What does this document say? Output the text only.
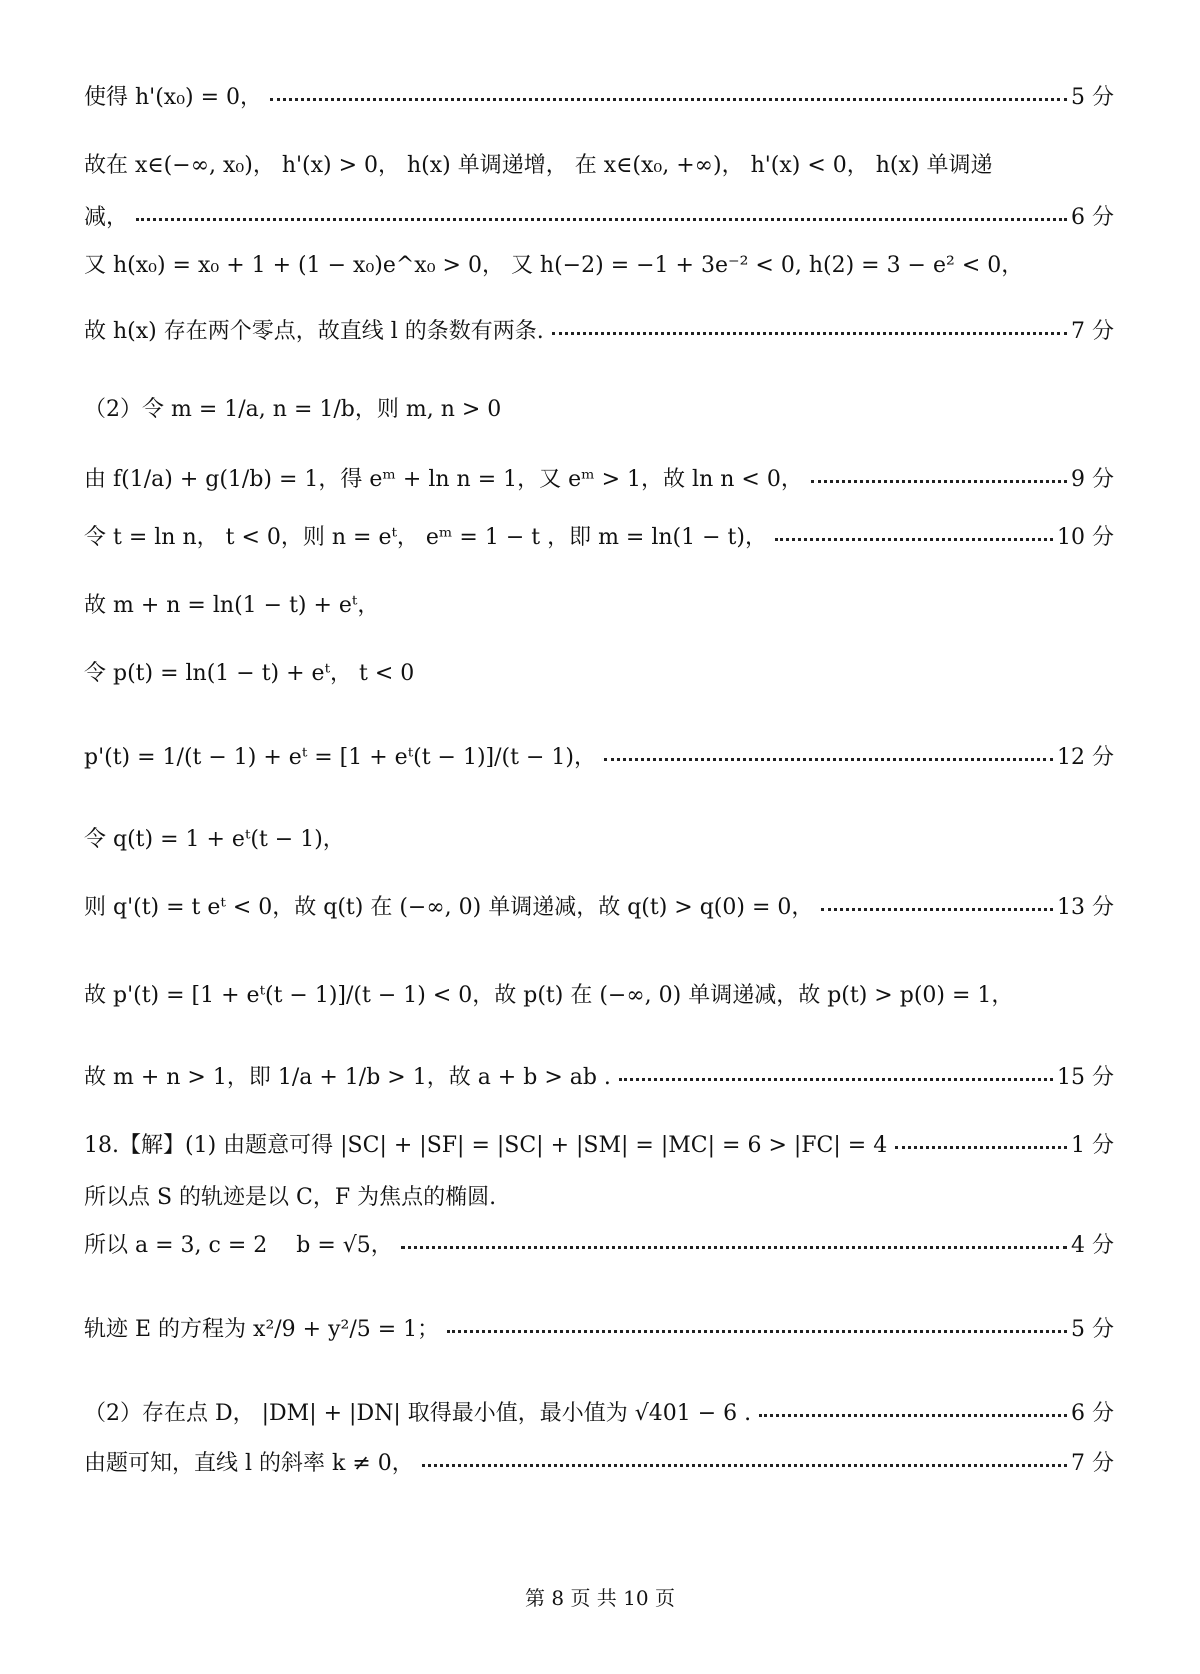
使得 h'(x₀) = 0，	5 分
故在 x∈(−∞, x₀)， h'(x) > 0， h(x) 单调递增， 在 x∈(x₀, +∞)， h'(x) < 0， h(x) 单调递
减，	6 分
又 h(x₀) = x₀ + 1 + (1 − x₀)e^x₀ > 0， 又 h(−2) = −1 + 3e⁻² < 0, h(2) = 3 − e² < 0，
故 h(x) 存在两个零点，故直线 l 的条数有两条.	7 分
（2）令 m = 1/a, n = 1/b，则 m, n > 0
由 f(1/a) + g(1/b) = 1，得 eᵐ + ln n = 1，又 eᵐ > 1，故 ln n < 0，	9 分
令 t = ln n， t < 0，则 n = eᵗ， eᵐ = 1 − t ，即 m = ln(1 − t)，	10 分
故 m + n = ln(1 − t) + eᵗ，
令 p(t) = ln(1 − t) + eᵗ， t < 0
p'(t) = 1/(t − 1) + eᵗ = [1 + eᵗ(t − 1)]/(t − 1)，	12 分
令 q(t) = 1 + eᵗ(t − 1)，
则 q'(t) = t eᵗ < 0，故 q(t) 在 (−∞, 0) 单调递减，故 q(t) > q(0) = 0，	13 分
故 p'(t) = [1 + eᵗ(t − 1)]/(t − 1) < 0，故 p(t) 在 (−∞, 0) 单调递减，故 p(t) > p(0) = 1，
故 m + n > 1，即 1/a + 1/b > 1，故 a + b > ab .	15 分
18.【解】(1) 由题意可得 |SC| + |SF| = |SC| + |SM| = |MC| = 6 > |FC| = 4	1 分
所以点 S 的轨迹是以 C，F 为焦点的椭圆.
所以 a = 3, c = 2　 b = √5，	4 分
轨迹 E 的方程为 x²/9 + y²/5 = 1；	5 分
（2）存在点 D， |DM| + |DN| 取得最小值，最小值为 √401 − 6 .	6 分
由题可知，直线 l 的斜率 k ≠ 0，	7 分
第 8 页 共 10 页
